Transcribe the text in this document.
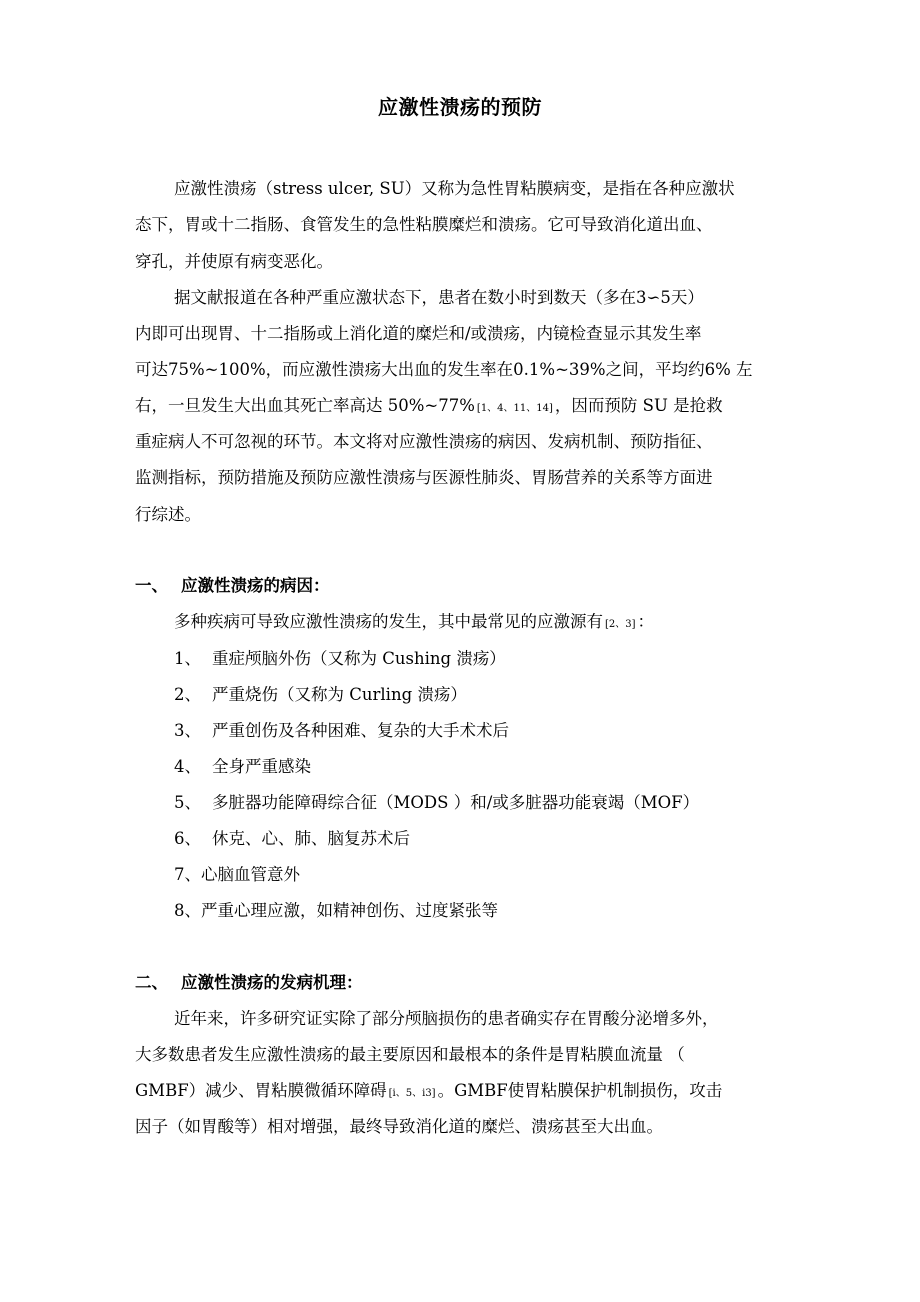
应激性溃疡的预防
应激性溃疡（stress ulcer, SU）又称为急性胃粘膜病变，是指在各种应激状
态下，胃或十二指肠、食管发生的急性粘膜糜烂和溃疡。它可导致消化道出血、
穿孔，并使原有病变恶化。
据文献报道在各种严重应激状态下，患者在数小时到数天（多在3∽5天）
内即可出现胃、十二指肠或上消化道的糜烂和/或溃疡，内镜检查显示其发生率
可达75%~100%，而应激性溃疡大出血的发生率在0.1%~39%之间，平均约6% 左
右，一旦发生大出血其死亡率高达 50%~77% [1、4、11、14] ，因而预防 SU 是抢救
重症病人不可忽视的环节。本文将对应激性溃疡的病因、发病机制、预防指征、
监测指标，预防措施及预防应激性溃疡与医源性肺炎、胃肠营养的关系等方面进
行综述。
一、 应激性溃疡的病因：
多种疾病可导致应激性溃疡的发生，其中最常见的应激源有 [2、3] ：
1、 重症颅脑外伤（又称为 Cushing 溃疡）
2、 严重烧伤（又称为 Curling 溃疡）
3、 严重创伤及各种困难、复杂的大手术术后
4、 全身严重感染
5、 多脏器功能障碍综合征（MODS ）和/或多脏器功能衰竭（MOF）
6、 休克、心、肺、脑复苏术后
7、心脑血管意外
8、严重心理应激，如精神创伤、过度紧张等
二、 应激性溃疡的发病机理：
近年来，许多研究证实除了部分颅脑损伤的患者确实存在胃酸分泌增多外，
大多数患者发生应激性溃疡的最主要原因和最根本的条件是胃粘膜血流量 （
GMBF）减少、胃粘膜微循环障碍 [i、5、i3] 。GMBF使胃粘膜保护机制损伤，攻击
因子（如胃酸等）相对增强，最终导致消化道的糜烂、溃疡甚至大出血。
